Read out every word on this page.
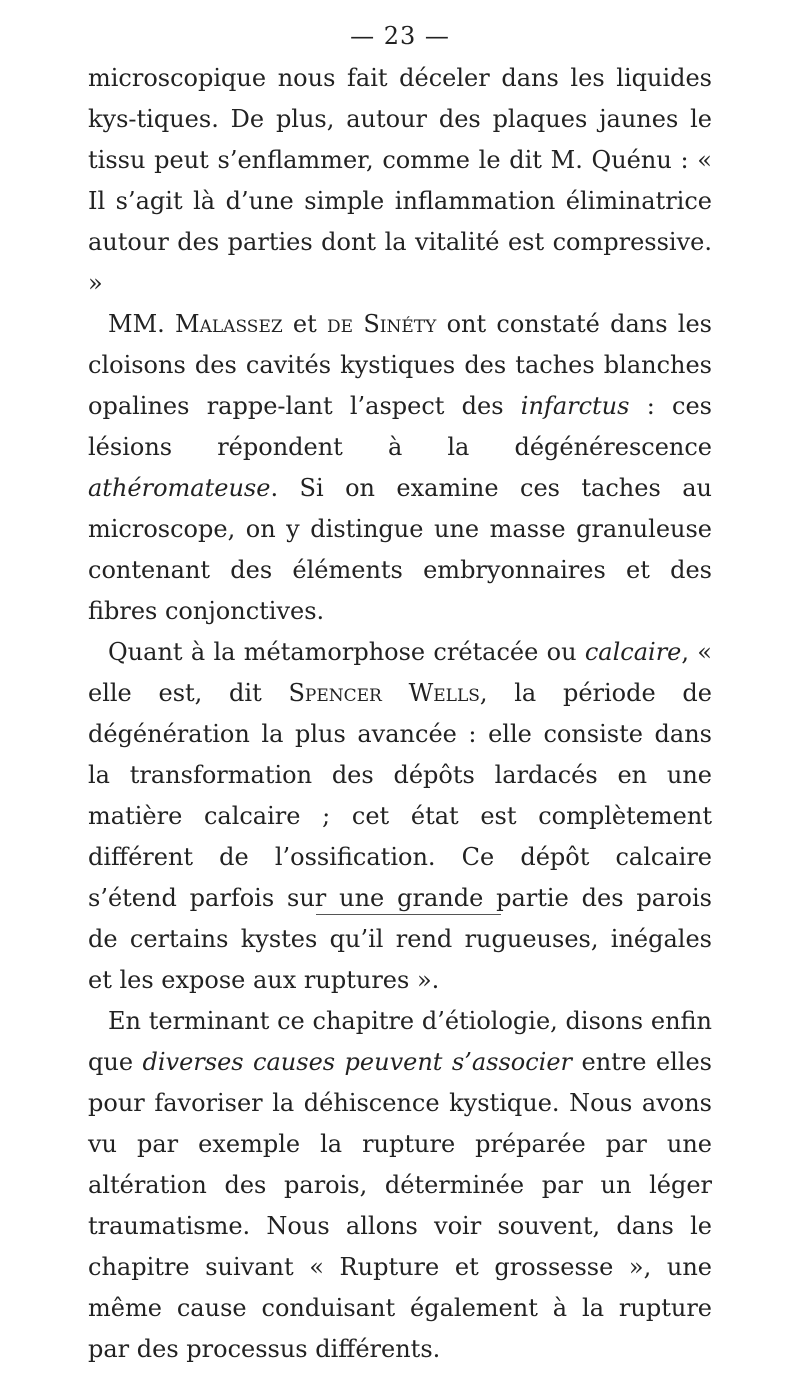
— 23 —

microscopique nous fait déceler dans les liquides kys-tiques. De plus, autour des plaques jaunes le tissu peut s’enflammer, comme le dit M. Quénu : « Il s’agit là d’une simple inflammation éliminatrice autour des parties dont la vitalité est compressive. »

MM. Malassez et de Sinéty ont constaté dans les cloisons des cavités kystiques des taches blanches opalines rappe-lant l’aspect des infarctus : ces lésions répondent à la dégénérescence athéromateuse. Si on examine ces taches au microscope, on y distingue une masse granuleuse contenant des éléments embryonnaires et des fibres conjonctives.

Quant à la métamorphose crétacée ou calcaire, « elle est, dit Spencer Wells, la période de dégénération la plus avancée : elle consiste dans la transformation des dépôts lardacés en une matière calcaire ; cet état est complètement différent de l’ossification. Ce dépôt calcaire s’étend parfois sur une grande partie des parois de certains kystes qu’il rend rugueuses, inégales et les expose aux ruptures ».

En terminant ce chapitre d’étiologie, disons enfin que diverses causes peuvent s’associer entre elles pour favoriser la déhiscence kystique. Nous avons vu par exemple la rupture préparée par une altération des parois, déterminée par un léger traumatisme. Nous allons voir souvent, dans le chapitre suivant « Rupture et grossesse », une même cause conduisant également à la rupture par des processus différents.
